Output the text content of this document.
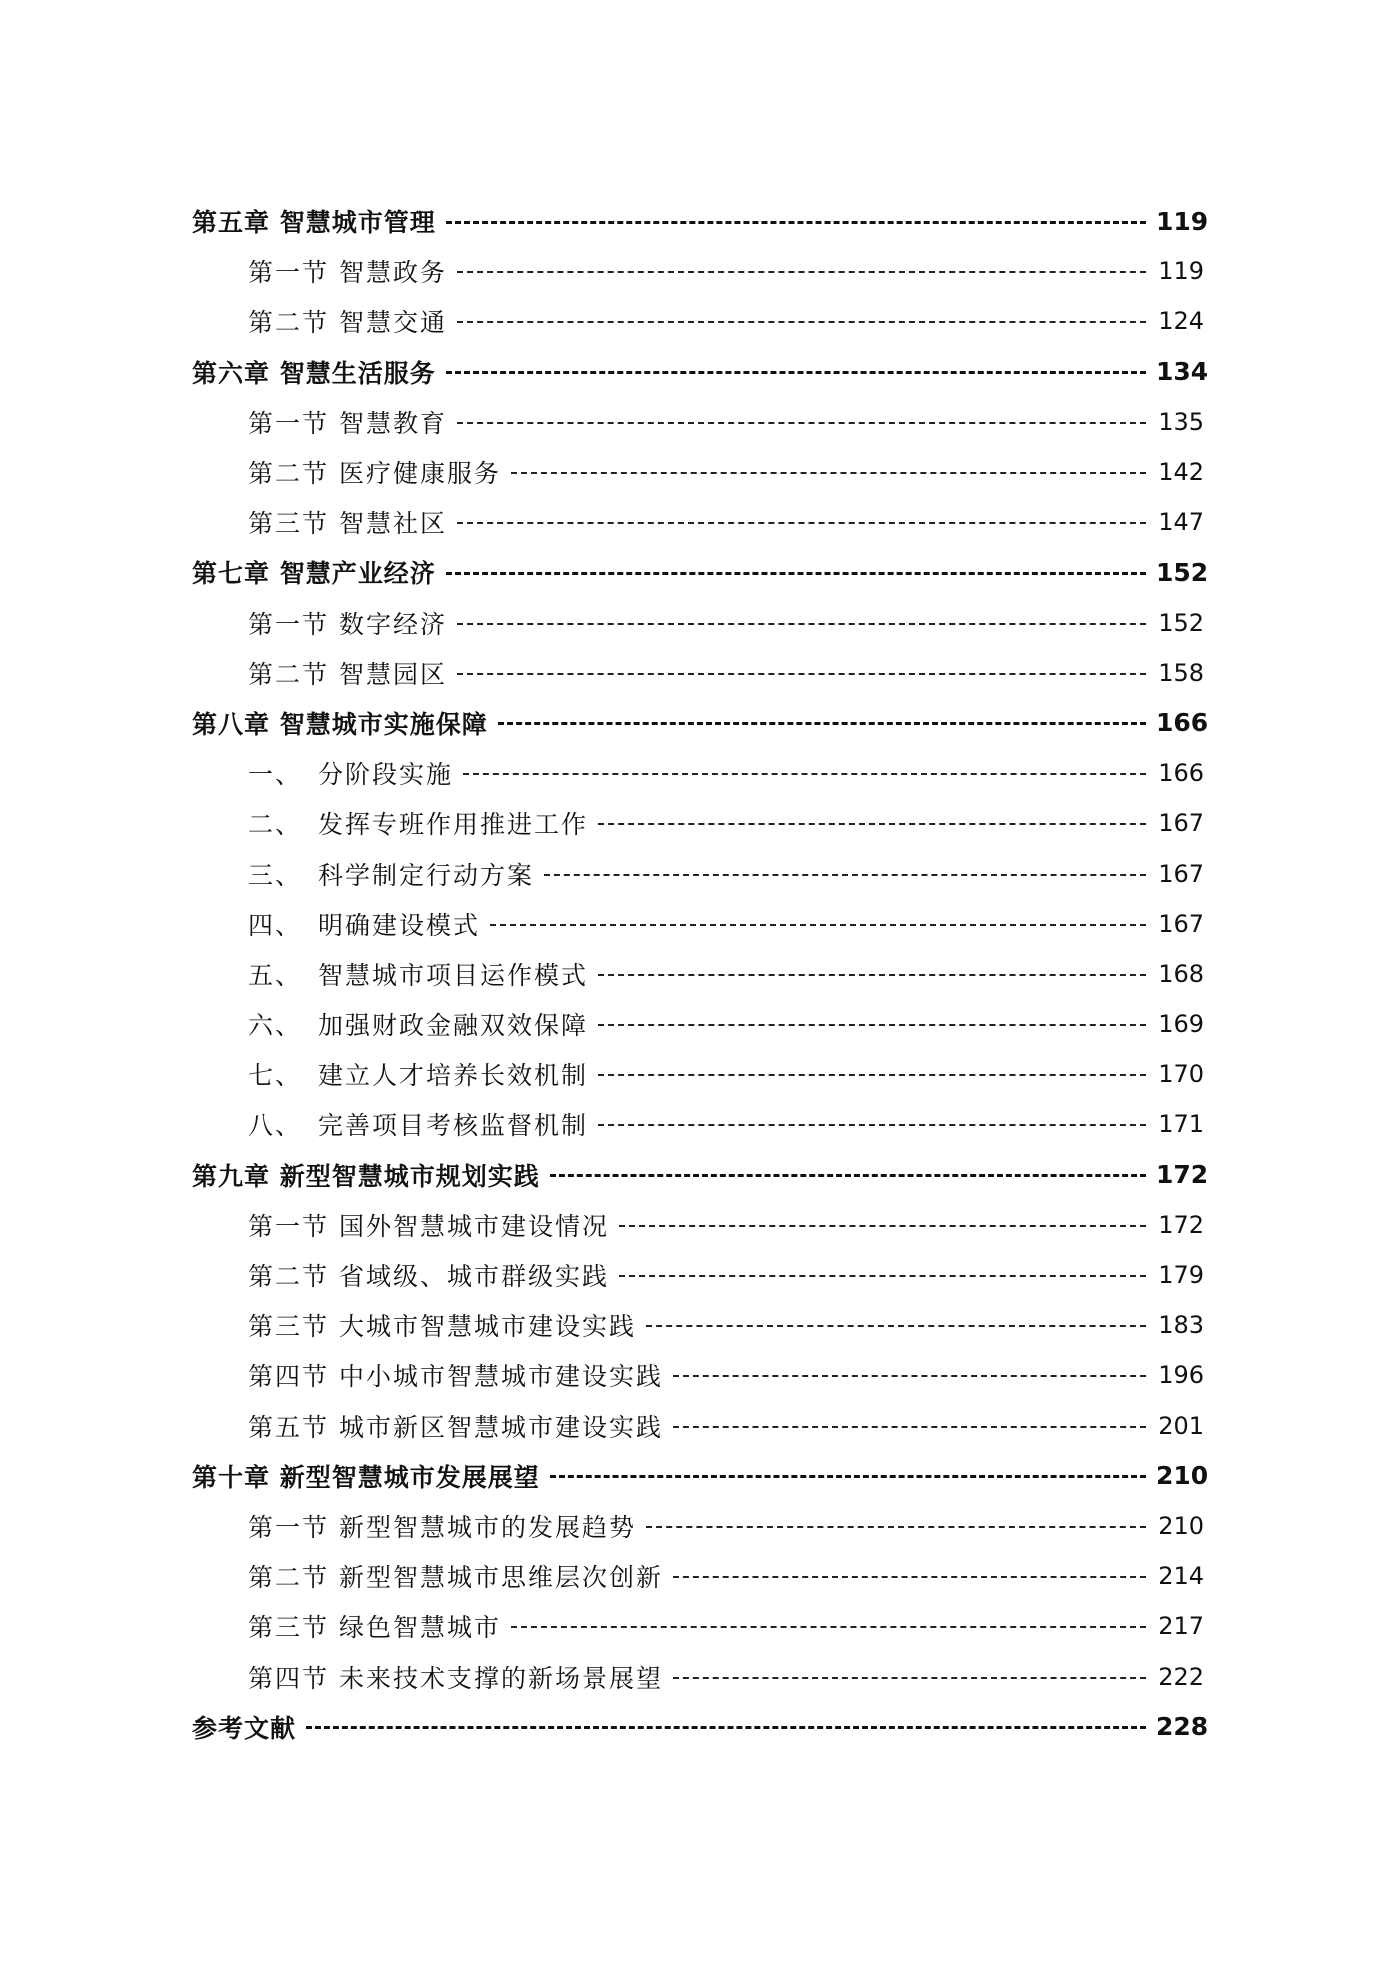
第五章 智慧城市管理	119
第一节 智慧政务	119
第二节 智慧交通	124
第六章 智慧生活服务	134
第一节 智慧教育	135
第二节 医疗健康服务	142
第三节 智慧社区	147
第七章 智慧产业经济	152
第一节 数字经济	152
第二节 智慧园区	158
第八章 智慧城市实施保障	166
一、 分阶段实施	166
二、 发挥专班作用推进工作	167
三、 科学制定行动方案	167
四、 明确建设模式	167
五、 智慧城市项目运作模式	168
六、 加强财政金融双效保障	169
七、 建立人才培养长效机制	170
八、 完善项目考核监督机制	171
第九章 新型智慧城市规划实践	172
第一节 国外智慧城市建设情况	172
第二节 省域级、城市群级实践	179
第三节 大城市智慧城市建设实践	183
第四节 中小城市智慧城市建设实践	196
第五节 城市新区智慧城市建设实践	201
第十章 新型智慧城市发展展望	210
第一节 新型智慧城市的发展趋势	210
第二节 新型智慧城市思维层次创新	214
第三节 绿色智慧城市	217
第四节 未来技术支撑的新场景展望	222
参考文献	228
